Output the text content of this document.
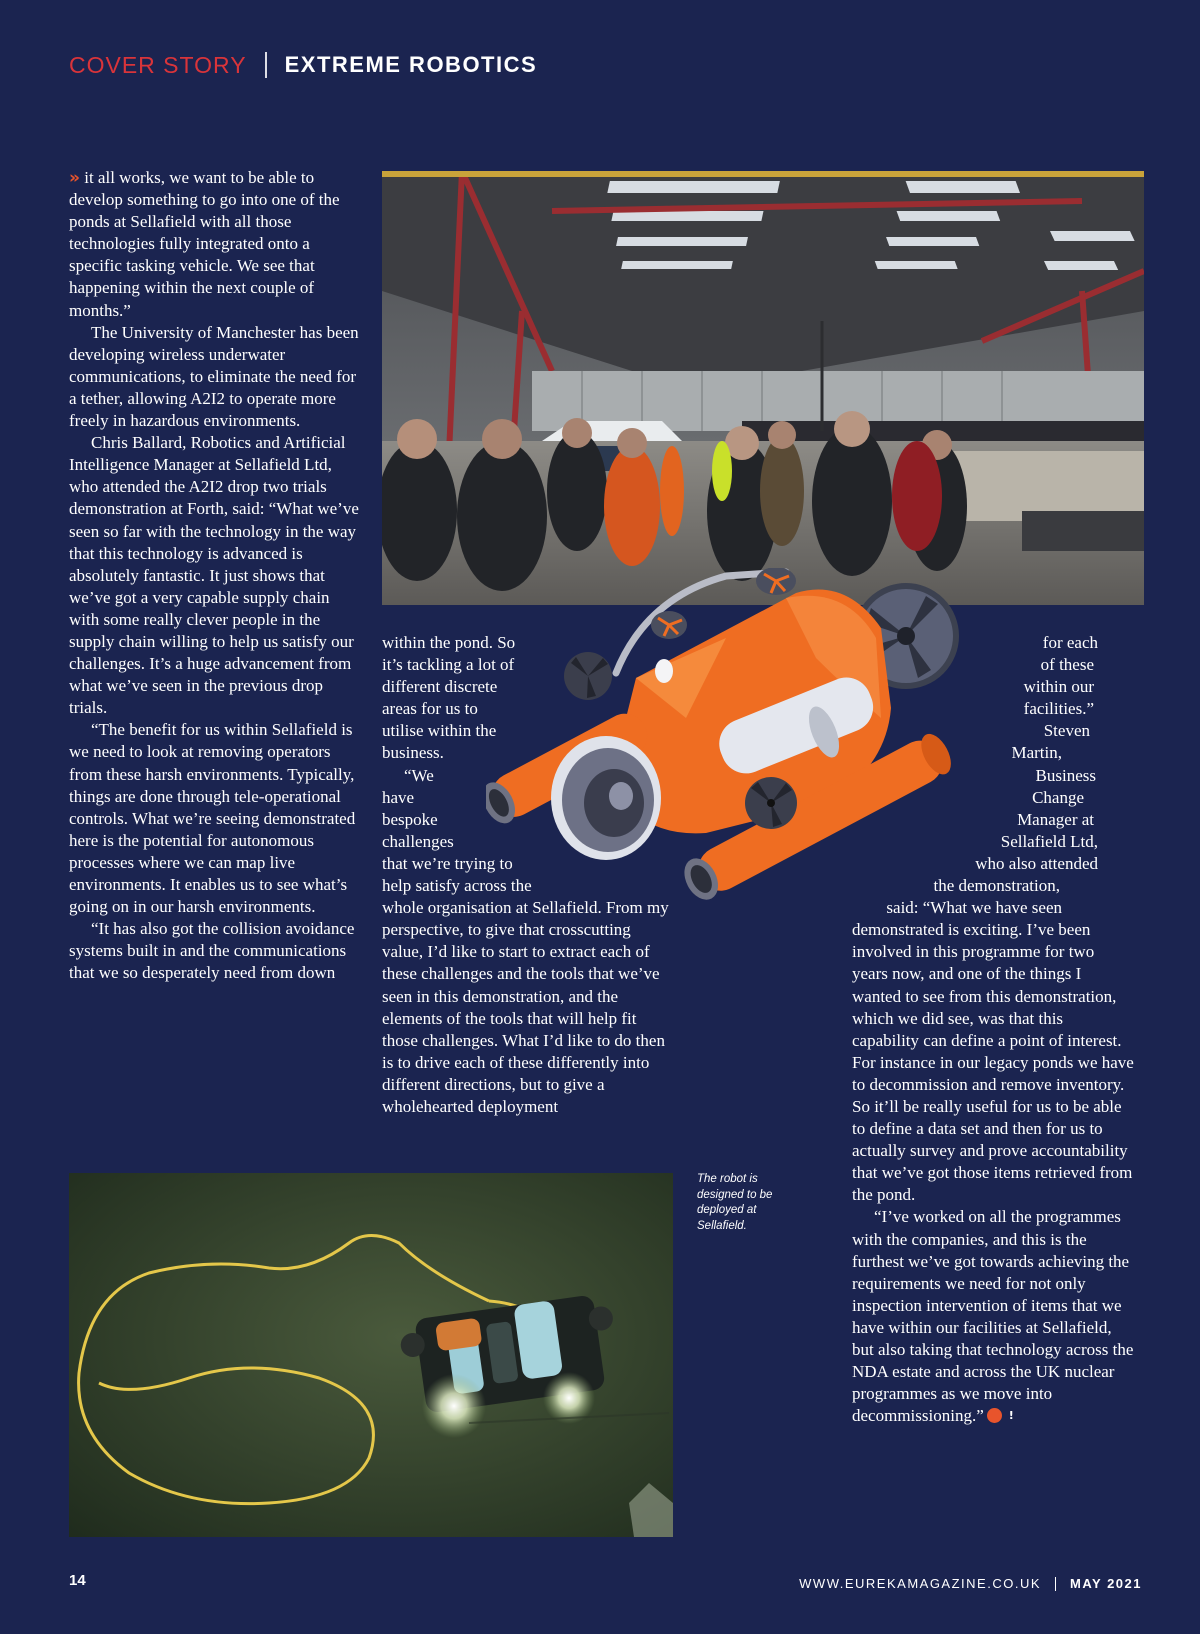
COVER STORY EXTREME ROBOTICS

» it all works, we want to be able to develop something to go into one of the ponds at Sellafield with all those technologies fully integrated onto a specific tasking vehicle. We see that happening within the next couple of months.”

The University of Manchester has been developing wireless underwater communications, to eliminate the need for a tether, allowing A2I2 to operate more freely in hazardous environments.

Chris Ballard, Robotics and Artificial Intelligence Manager at Sellafield Ltd, who attended the A2I2 drop two trials demonstration at Forth, said: “What we’ve seen so far with the technology in the way that this technology is advanced is absolutely fantastic. It just shows that we’ve got a very capable supply chain with some really clever people in the supply chain willing to help us satisfy our challenges. It’s a huge advancement from what we’ve seen in the previous drop trials.

“The benefit for us within Sellafield is we need to look at removing operators from these harsh environments. Typically, things are done through tele-operational controls. What we’re seeing demonstrated here is the potential for autonomous processes where we can map live environments. It enables us to see what’s going on in our harsh environments.

“It has also got the collision avoidance systems built in and the communications that we so desperately need from down

within the pond. So
it’s tackling a lot of
different discrete
areas for us to
utilise within the
business.
“We
have
bespoke
challenges
that we’re trying to
help satisfy across the

whole organisation at Sellafield. From my perspective, to give that crosscutting value, I’d like to start to extract each of these challenges and the tools that we’ve seen in this demonstration, and the elements of the tools that will help fit those challenges. What I’d like to do then is to drive each of these differently into different directions, but to give a wholehearted deployment

for each
of these
within our
facilities.”
Steven
Martin,
Business
Change
Manager at
Sellafield Ltd,
who also attended
the demonstration,
said: “What we have seen

demonstrated is exciting. I’ve been involved in this programme for two years now, and one of the things I wanted to see from this demonstration, which we did see, was that this capability can define a point of interest. For instance in our legacy ponds we have to decommission and remove inventory. So it’ll be really useful for us to be able to define a data set and then for us to actually survey and prove accountability that we’ve got those items retrieved from the pond.

“I’ve worked on all the programmes with the companies, and this is the furthest we’ve got towards achieving the requirements we need for not only inspection intervention of items that we have within our facilities at Sellafield, but also taking that technology across the NDA estate and across the UK nuclear programmes as we move into decommissioning.” !

The robot is designed to be deployed at Sellafield.
14	WWW.EUREKAMAGAZINE.CO.UK MAY 2021
